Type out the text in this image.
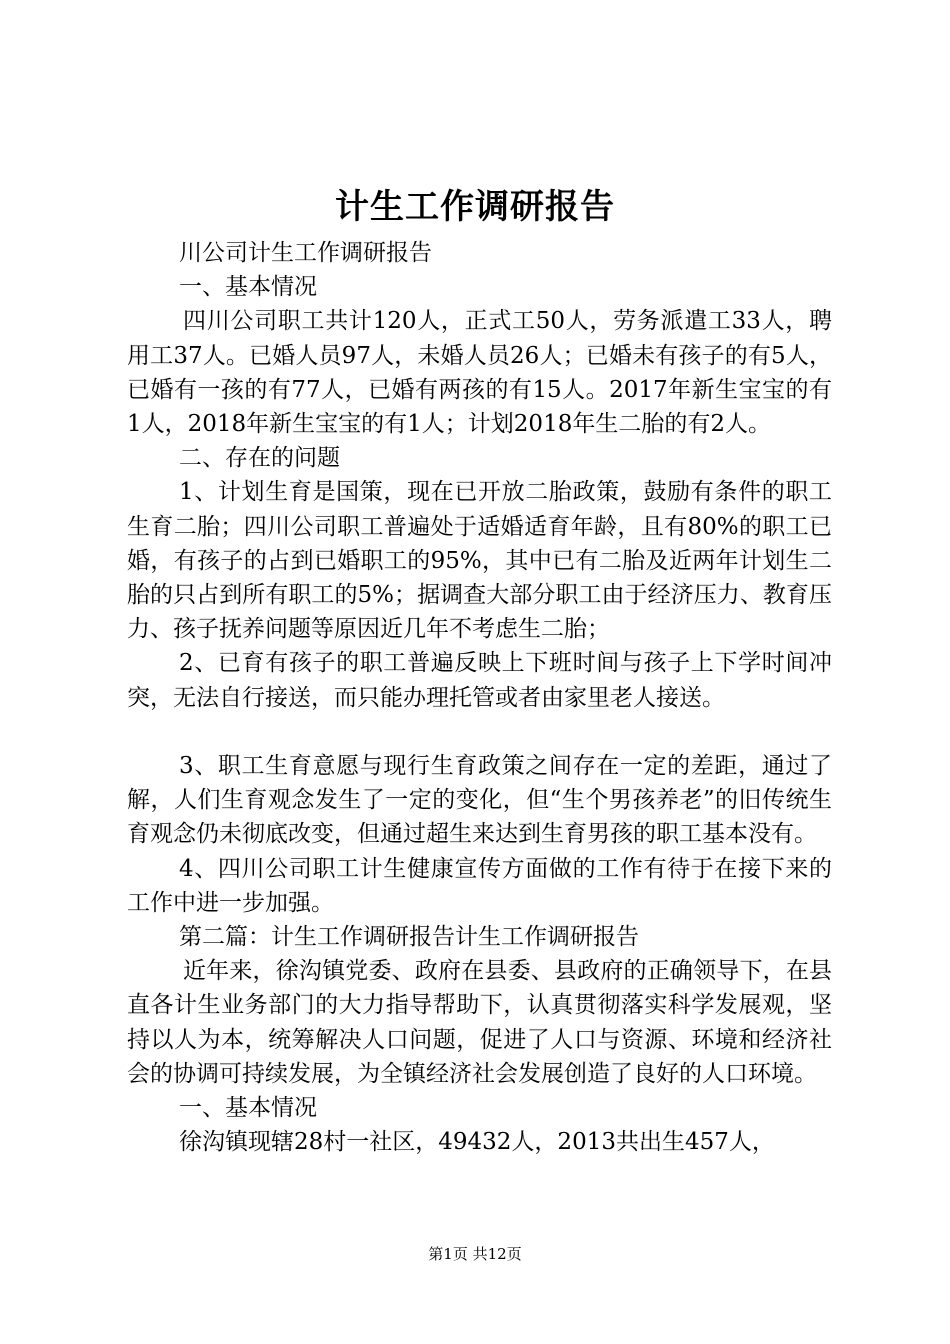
计生工作调研报告

川公司计生工作调研报告

一、基本情况

四川公司职工共计120人，正式工50人，劳务派遣工33人，聘用工37人。已婚人员97人，未婚人员26人；已婚未有孩子的有5人，已婚有一孩的有77人，已婚有两孩的有15人。2017年新生宝宝的有1人，2018年新生宝宝的有1人；计划2018年生二胎的有2人。

二、存在的问题

1、计划生育是国策，现在已开放二胎政策，鼓励有条件的职工生育二胎；四川公司职工普遍处于适婚适育年龄，且有80%的职工已婚，有孩子的占到已婚职工的95%，其中已有二胎及近两年计划生二胎的只占到所有职工的5%；据调查大部分职工由于经济压力、教育压力、孩子抚养问题等原因近几年不考虑生二胎；

2、已育有孩子的职工普遍反映上下班时间与孩子上下学时间冲突，无法自行接送，而只能办理托管或者由家里老人接送。

3、职工生育意愿与现行生育政策之间存在一定的差距，通过了解，人们生育观念发生了一定的变化，但“生个男孩养老”的旧传统生育观念仍未彻底改变，但通过超生来达到生育男孩的职工基本没有。

4、四川公司职工计生健康宣传方面做的工作有待于在接下来的工作中进一步加强。

第二篇：计生工作调研报告计生工作调研报告

近年来，徐沟镇党委、政府在县委、县政府的正确领导下，在县直各计生业务部门的大力指导帮助下，认真贯彻落实科学发展观，坚持以人为本，统筹解决人口问题，促进了人口与资源、环境和经济社会的协调可持续发展，为全镇经济社会发展创造了良好的人口环境。

一、基本情况

徐沟镇现辖28村一社区，49432人，2013共出生457人，

第1页 共12页
